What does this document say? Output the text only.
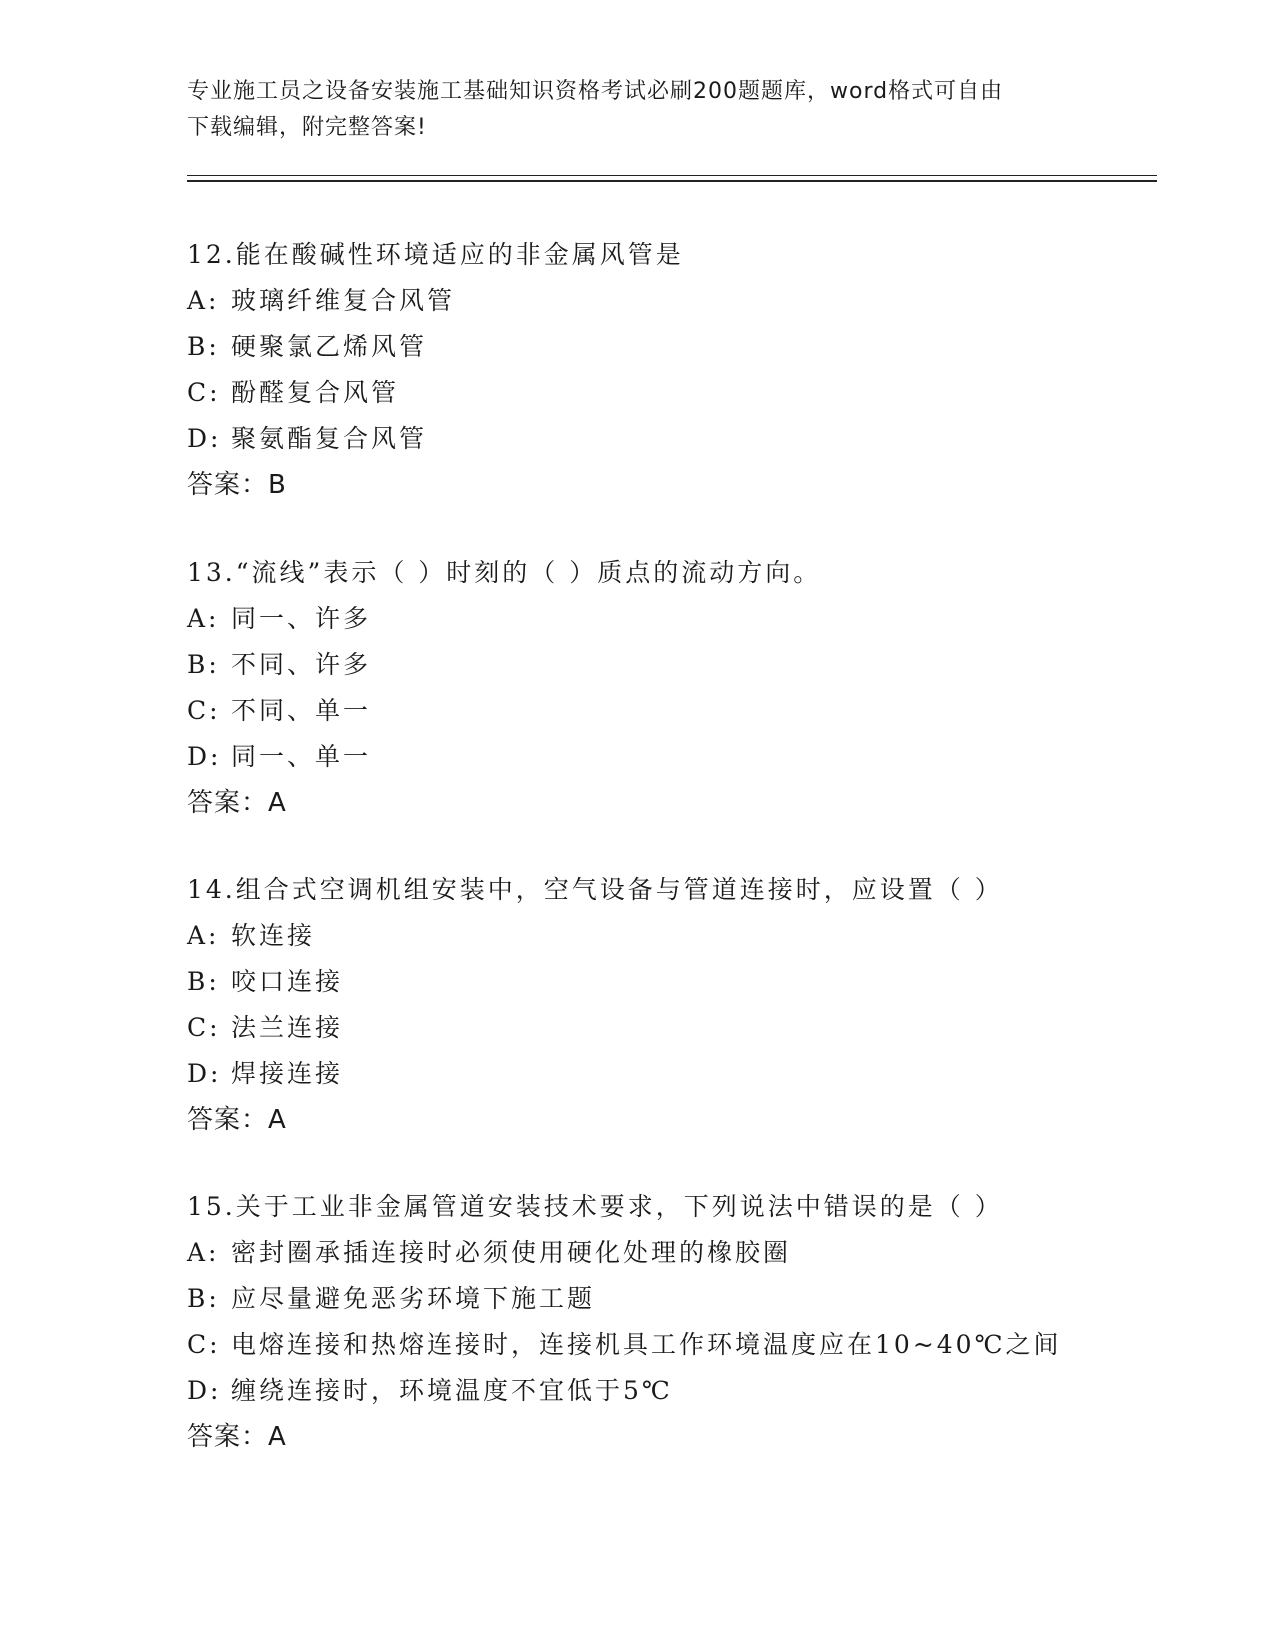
专业施工员之设备安装施工基础知识资格考试必刷200题题库，word格式可自由
下载编辑，附完整答案!
12.能在酸碱性环境适应的非金属风管是
A: 玻璃纤维复合风管
B: 硬聚氯乙烯风管
C: 酚醛复合风管
D: 聚氨酯复合风管
答案：B
13.“流线”表示（ ）时刻的（ ）质点的流动方向。
A: 同一、许多
B: 不同、许多
C: 不同、单一
D: 同一、单一
答案：A
14.组合式空调机组安装中，空气设备与管道连接时，应设置（ ）
A: 软连接
B: 咬口连接
C: 法兰连接
D: 焊接连接
答案：A
15.关于工业非金属管道安装技术要求，下列说法中错误的是（ ）
A: 密封圈承插连接时必须使用硬化处理的橡胶圈
B: 应尽量避免恶劣环境下施工题
C: 电熔连接和热熔连接时，连接机具工作环境温度应在10~40℃之间
D: 缠绕连接时，环境温度不宜低于5℃
答案：A
